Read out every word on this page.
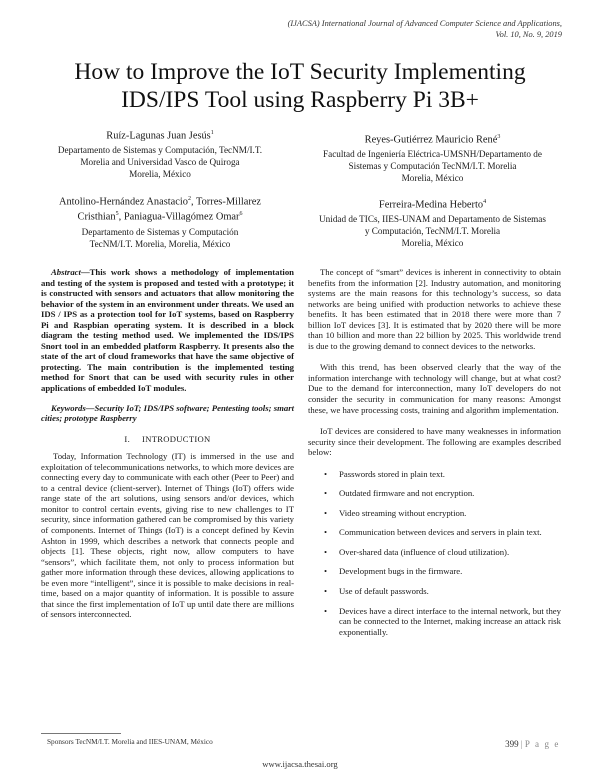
(IJACSA) International Journal of Advanced Computer Science and Applications,
Vol. 10, No. 9, 2019
How to Improve the IoT Security Implementing
IDS/IPS Tool using Raspberry Pi 3B+
Ruíz-Lagunas Juan Jesús$^1$
Departamento de Sistemas y Computación, TecNM/I.T.
Morelia and Universidad Vasco de Quiroga
Morelia, México
Antolino-Hernández Anastacio$^2$, Torres-Millarez
Cristhian$^5$, Paniagua-Villagómez Omar$^6$
Departamento de Sistemas y Computación
TecNM/I.T. Morelia, Morelia, México
Reyes-Gutiérrez Mauricio René$^3$
Facultad de Ingeniería Eléctrica-UMSNH/Departamento de
Sistemas y Computación TecNM/I.T. Morelia
Morelia, México
Ferreira-Medina Heberto$^4$
Unidad de TICs, IIES-UNAM and Departamento de Sistemas
y Computación, TecNM/I.T. Morelia
Morelia, México

Abstract—This work shows a methodology of implementation and testing of the system is proposed and tested with a prototype; it is constructed with sensors and actuators that allow monitoring the behavior of the system in an environment under threats. We used an IDS / IPS as a protection tool for IoT systems, based on Raspberry Pi and Raspbian operating system. It is described in a block diagram the testing method used. We implemented the IDS/IPS Snort tool in an embedded platform Raspberry. It presents also the state of the art of cloud frameworks that have the same objective of protecting. The main contribution is the implemented testing method for Snort that can be used with security rules in other applications of embedded IoT modules.

Keywords—Security IoT; IDS/IPS software; Pentesting tools; smart cities; prototype Raspberry

I. INTRODUCTION

Today, Information Technology (IT) is immersed in the use and exploitation of telecommunications networks, to which more devices are connecting every day to communicate with each other (Peer to Peer) and to a central device (client-server). Internet of Things (IoT) offers wide range state of the art solutions, using sensors and/or devices, which monitor to control certain events, giving rise to new challenges to IT security, since information gathered can be compromised by this variety of components. Internet of Things (IoT) is a concept defined by Kevin Ashton in 1999, which describes a network that connects people and objects [1]. These objects, right now, allow computers to have “sensors”, which facilitate them, not only to process information but gather more information through these devices, allowing applications to be even more “intelligent”, since it is possible to make decisions in real-time, based on a major quantity of information. It is possible to assure that since the first implementation of IoT up until date there are millions of sensors interconnected.

The concept of “smart” devices is inherent in connectivity to obtain benefits from the information [2]. Industry automation, and monitoring systems are the main reasons for this technology’s success, so data networks are being unified with production networks to achieve these benefits. It has been estimated that in 2018 there were more than 7 billion IoT devices [3]. It is estimated that by 2020 there will be more than 10 billion and more than 22 billion by 2025. This worldwide trend is due to the growing demand to connect devices to the networks.

With this trend, has been observed clearly that the way of the information interchange with technology will change, but at what cost? Due to the demand for interconnection, many IoT developers do not consider the security in communication for many reasons: Amongst these, we have processing costs, training and algorithm implementation.

IoT devices are considered to have many weaknesses in information security since their development. The following are examples described below:

• Passwords stored in plain text.
• Outdated firmware and not encryption.
• Video streaming without encryption.
• Communication between devices and servers in plain text.
• Over-shared data (influence of cloud utilization).
• Development bugs in the firmware.
• Use of default passwords.
• Devices have a direct interface to the internal network, but they can be connected to the Internet, making increase an attack risk exponentially.
Sponsors TecNM/I.T. Morelia and IIES-UNAM, México	399 | P a g e
www.ijacsa.thesai.org
